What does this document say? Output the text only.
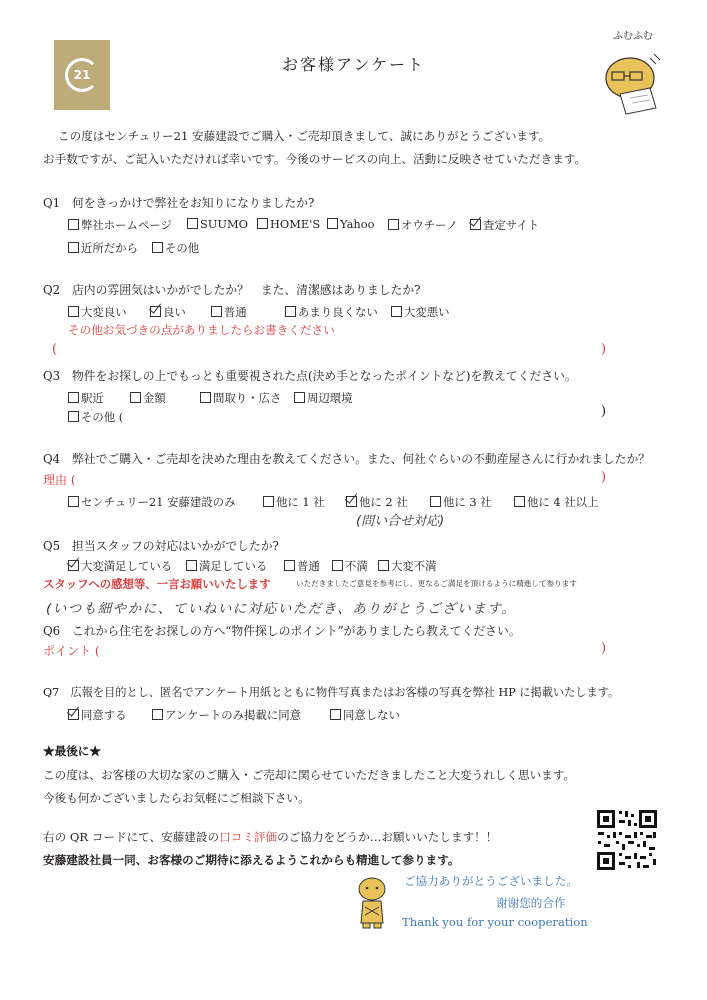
21
ふむふむ
お客様アンケート
この度はセンチュリー21 安藤建設でご購入・ご売却頂きまして、誠にありがとうございます。
お手数ですが、ご記入いただければ幸いです。今後のサービスの向上、活動に反映させていただきます。
Q1　 何をきっかけで弊社をお知りになりましたか?
弊社ホームページ	SUUMO	HOME'S	Yahoo	オウチーノ	査定サイト
近所だから	その他
Q2　 店内の雰囲気はいかがでしたか？　また、清潔感はありましたか?
大変良い	良い	普通	あまり良くない	大変悪い
その他お気づきの点がありましたらお書きください
(	)
Q3　 物件をお探しの上でもっとも重要視された点(決め手となったポイントなど)を教えてください。
駅近	金額	間取り・広さ	周辺環境
その他 (	)
Q4　 弊社でご購入・ご売却を決めた理由を教えてください。また、何社ぐらいの不動産屋さんに行かれましたか？
理由 (	)
センチュリー21 安藤建設のみ	他に 1 社	他に 2 社	他に 3 社	他に 4 社以上
(問い合せ対応)
Q5　 担当スタッフの対応はいかがでしたか?
大変満足している	満足している	普通	不満	大変不満
スタッフへの感想等、一言お願いいたします	いただきましたご意見を参考にし、更なるご満足を頂けるように精進して参ります
(いつも細やかに、ていねいに対応いただき、ありがとうございます。
Q6　 これから住宅をお探しの方へ“物件探しのポイント”がありましたら教えてください。
ポイント (	)
Q7　 広報を目的とし、匿名でアンケート用紙とともに物件写真またはお客様の写真を弊社 HP に掲載いたします。
同意する	アンケートのみ掲載に同意	同意しない
★最後に★
この度は、お客様の大切な家のご購入・ご売却に関らせていただきましたこと大変うれしく思います。
今後も何かございましたらお気軽にご相談下さい。
右の QR コードにて、安藤建設の口コミ評価のご協力をどうか…お願いいたします！！
安藤建設社員一同、お客様のご期待に添えるようこれからも精進して参ります。
ご協力ありがとうございました。
谢谢您的合作
Thank you for your cooperation
